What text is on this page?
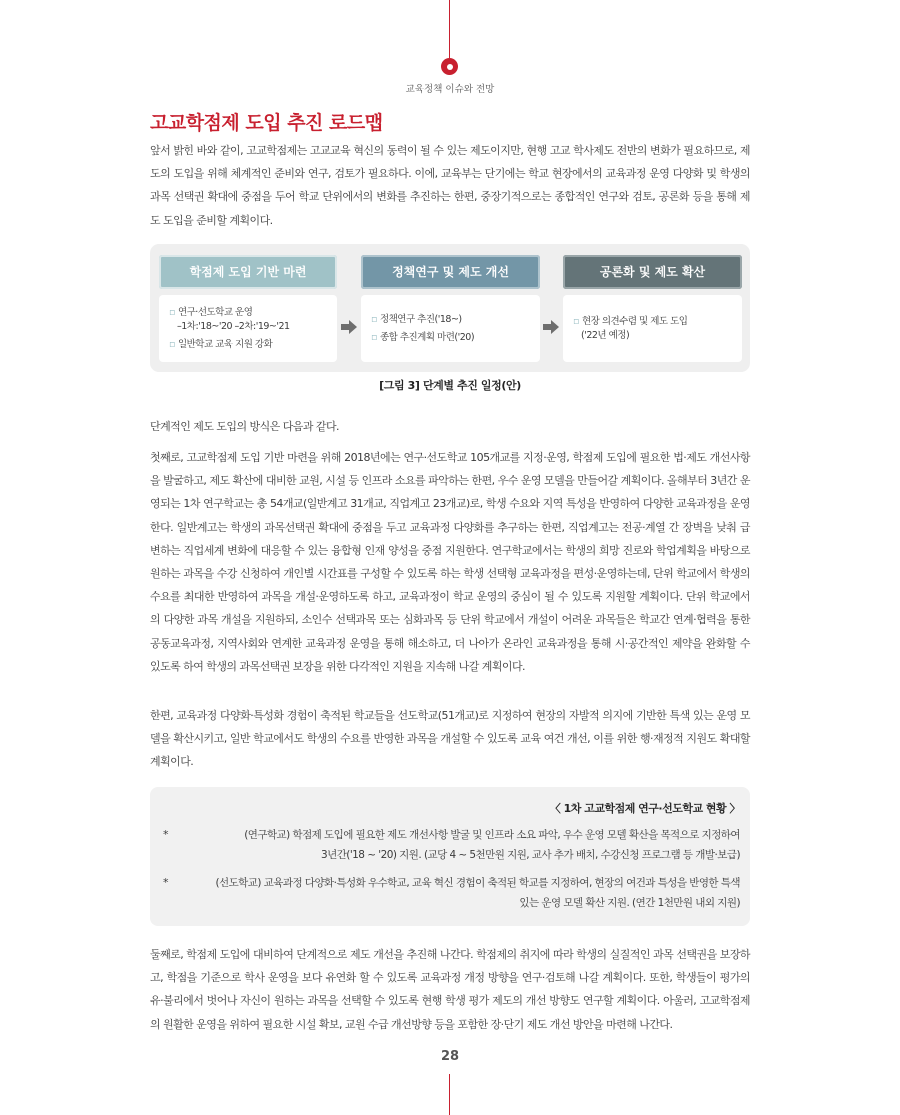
교육정책 이슈와 전망
고교학점제 도입 추진 로드맵
앞서 밝힌 바와 같이, 고교학점제는 고교교육 혁신의 동력이 될 수 있는 제도이지만, 현행 고교 학사제도 전반의 변화가 필요하므로, 제도의 도입을 위해 체계적인 준비와 연구, 검토가 필요하다. 이에, 교육부는 단기에는 학교 현장에서의 교육과정 운영 다양화 및 학생의 과목 선택권 확대에 중점을 두어 학교 단위에서의 변화를 추진하는 한편, 중장기적으로는 종합적인 연구와 검토, 공론화 등을 통해 제도 도입을 준비할 계획이다.
학점제 도입 기반 마련	정책연구 및 제도 개선	공론화 및 제도 확산
▫ 연구·선도학교 운영
–1차:'18~'20 –2차:'19~'21
▫ 일반학교 교육 지원 강화
▫ 정책연구 추진('18~)
▫ 종합 추진계획 마련('20)
▫ 현장 의견수렴 및 제도 도입
('22년 예정)
[그림 3] 단계별 추진 일정(안)
단계적인 제도 도입의 방식은 다음과 같다.
첫째로, 고교학점제 도입 기반 마련을 위해 2018년에는 연구·선도학교 105개교를 지정·운영, 학점제 도입에 필요한 법·제도 개선사항을 발굴하고, 제도 확산에 대비한 교원, 시설 등 인프라 소요를 파악하는 한편, 우수 운영 모델을 만들어갈 계획이다. 올해부터 3년간 운영되는 1차 연구학교는 총 54개교(일반계고 31개교, 직업계고 23개교)로, 학생 수요와 지역 특성을 반영하여 다양한 교육과정을 운영한다. 일반계고는 학생의 과목선택권 확대에 중점을 두고 교육과정 다양화를 추구하는 한편, 직업계고는 전공·계열 간 장벽을 낮춰 급변하는 직업세계 변화에 대응할 수 있는 융합형 인재 양성을 중점 지원한다. 연구학교에서는 학생의 희망 진로와 학업계획을 바탕으로 원하는 과목을 수강 신청하여 개인별 시간표를 구성할 수 있도록 하는 학생 선택형 교육과정을 편성·운영하는데, 단위 학교에서 학생의 수요를 최대한 반영하여 과목을 개설·운영하도록 하고, 교육과정이 학교 운영의 중심이 될 수 있도록 지원할 계획이다. 단위 학교에서의 다양한 과목 개설을 지원하되, 소인수 선택과목 또는 심화과목 등 단위 학교에서 개설이 어려운 과목들은 학교간 연계·협력을 통한 공동교육과정, 지역사회와 연계한 교육과정 운영을 통해 해소하고, 더 나아가 온라인 교육과정을 통해 시·공간적인 제약을 완화할 수 있도록 하여 학생의 과목선택권 보장을 위한 다각적인 지원을 지속해 나갈 계획이다.
한편, 교육과정 다양화·특성화 경험이 축적된 학교들을 선도학교(51개교)로 지정하여 현장의 자발적 의지에 기반한 특색 있는 운영 모델을 확산시키고, 일반 학교에서도 학생의 수요를 반영한 과목을 개설할 수 있도록 교육 여건 개선, 이를 위한 행·재정적 지원도 확대할 계획이다.
〈 1차 고교학점제 연구·선도학교 현황 〉
*	(연구학교) 학점제 도입에 필요한 제도 개선사항 발굴 및 인프라 소요 파악, 우수 운영 모델 확산을 목적으로 지정하여
3년간('18 ~ '20) 지원. (교당 4 ~ 5천만원 지원, 교사 추가 배치, 수강신청 프로그램 등 개발·보급)
*	(선도학교) 교육과정 다양화·특성화 우수학교, 교육 혁신 경험이 축적된 학교를 지정하여, 현장의 여건과 특성을 반영한 특색
있는 운영 모델 확산 지원. (연간 1천만원 내외 지원)
둘째로, 학점제 도입에 대비하여 단계적으로 제도 개선을 추진해 나간다. 학점제의 취지에 따라 학생의 실질적인 과목 선택권을 보장하고, 학점을 기준으로 학사 운영을 보다 유연화 할 수 있도록 교육과정 개정 방향을 연구·검토해 나갈 계획이다. 또한, 학생들이 평가의 유·불리에서 벗어나 자신이 원하는 과목을 선택할 수 있도록 현행 학생 평가 제도의 개선 방향도 연구할 계획이다. 아울러, 고교학점제의 원활한 운영을 위하여 필요한 시설 확보, 교원 수급 개선방향 등을 포함한 장·단기 제도 개선 방안을 마련해 나간다.
28
